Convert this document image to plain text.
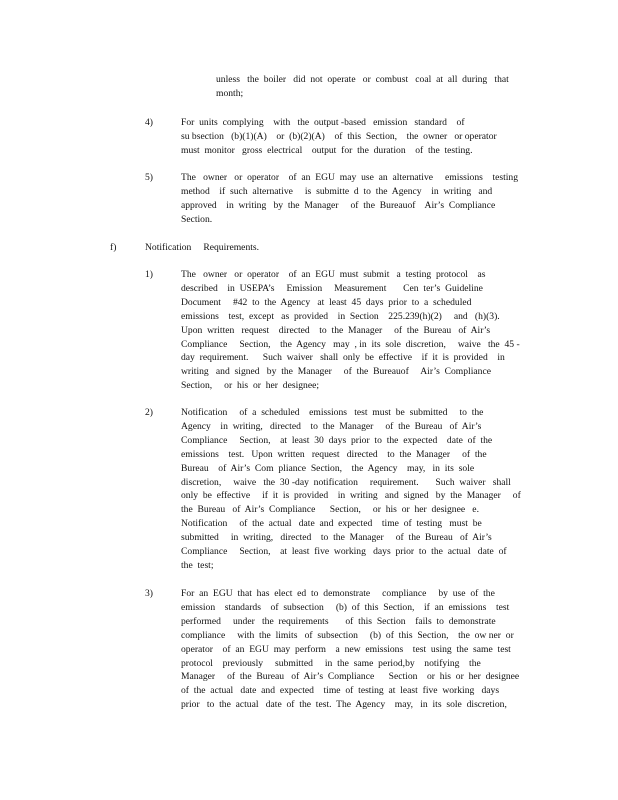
unless   the  boiler   did  not  operate   or  combust   coal  at  all  during   that
month;
4)	For  units  complying    with   the  output -based   emission   standard    of
su bsection   (b)(1)(A)    or  (b)(2)(A)    of  this  Section,    the  owner   or operator
must  monitor   gross  electrical    output  for  the  duration    of  the  testing.
5)	The   owner   or  operator    of  an  EGU  may  use  an  alternative     emissions    testing
method    if  such  alternative     is  submitte  d  to  the  Agency    in  writing   and
approved    in  writing   by  the  Manager     of  the  Bureauof    Air’s  Compliance
Section.
f)	Notification     Requirements.
1)	The   owner   or  operator    of  an  EGU  must  submit   a  testing  protocol    as
described    in  USEPA’s     Emission     Measurement       Cen  ter’s  Guideline
Document     #42  to  the  Agency   at  least  45  days  prior  to  a  scheduled
emissions    test,  except   as  provided    in  Section    225.239(h)(2)     and   (h)(3).
Upon  written   request    directed    to  the  Manager     of  the  Bureau   of  Air’s
Compliance     Section,    the  Agency   may  , in  its  sole  discretion,     waive   the  45 -
day  requirement.      Such  waiver   shall  only  be  effective    if  it  is  provided    in
writing   and  signed   by  the  Manager     of  the  Bureauof     Air’s  Compliance
Section,     or  his  or  her  designee;
2)	Notification     of  a  scheduled    emissions   test  must  be  submitted     to  the
Agency    in  writing,   directed    to  the  Manager     of  the  Bureau   of  Air’s
Compliance     Section,    at  least  30  days  prior  to  the  expected    date  of  the
emissions    test.   Upon  written   request   directed    to  the  Manager     of  the
Bureau    of  Air’s  Com  pliance  Section,    the  Agency    may,   in  its  sole
discretion,     waive   the  30 -day  notification     requirement.       Such  waiver   shall
only  be  effective     if  it  is  provided    in  writing   and  signed   by  the  Manager     of
the  Bureau   of  Air’s  Compliance      Section,     or  his  or  her  designee   e.
Notification     of  the  actual   date  and  expected    time  of  testing   must  be
submitted     in  writing,   directed    to  the  Manager     of  the  Bureau   of  Air’s
Compliance     Section,    at  least  five  working   days  prior  to  the  actual   date  of
the  test;
3)	For  an  EGU  that  has  elect  ed  to  demonstrate     compliance     by  use  of  the
emission    standards    of  subsection     (b)  of  this  Section,    if  an  emissions    test
performed     under   the  requirements       of  this  Section    fails  to  demonstrate
compliance     with  the  limits   of  subsection     (b)  of  this  Section,    the  ow ner  or
operator    of  an  EGU  may  perform    a  new  emissions    test  using  the  same  test
protocol    previously     submitted     in  the  same  period,by    notifying    the
Manager     of  the  Bureau   of  Air’s  Compliance      Section    or  his  or  her  designee
of  the  actual   date  and  expected    time  of  testing  at  least  five  working   days
prior   to  the  actual   date  of  the  test.  The  Agency    may,   in  its  sole  discretion,
